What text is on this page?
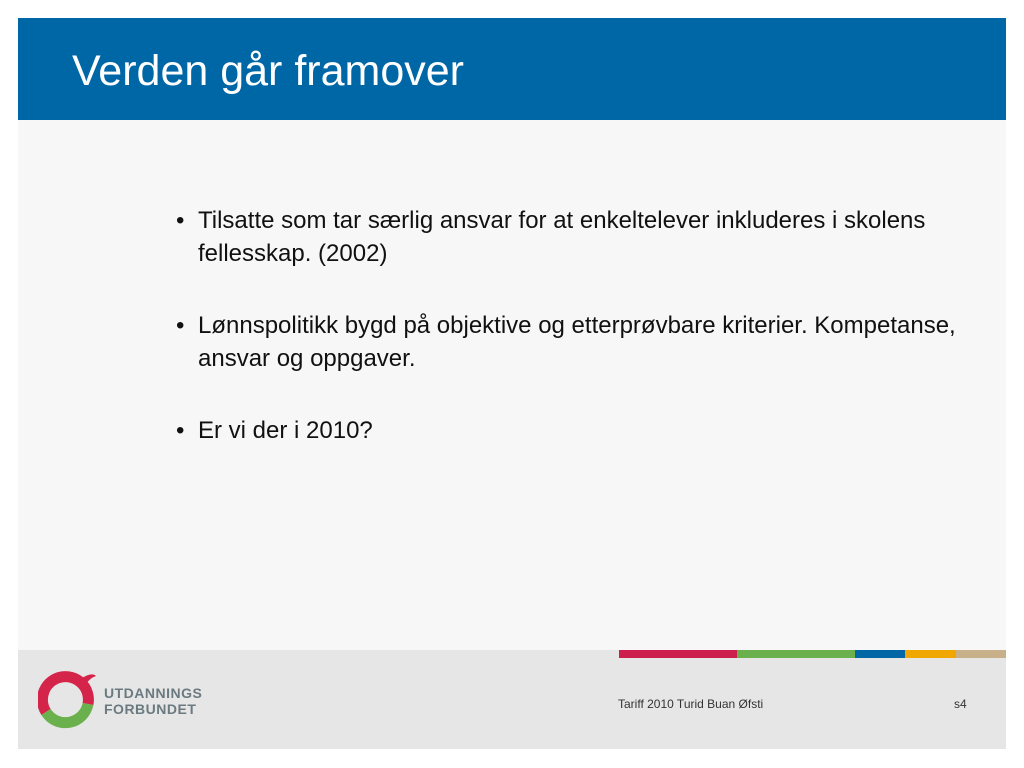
Verden går framover
• Tilsatte som tar særlig ansvar for at enkeltelever inkluderes i skolens fellesskap. (2002)
• Lønnspolitikk bygd på objektive og etterprøvbare kriterier. Kompetanse, ansvar og oppgaver.
• Er vi der i 2010?
UTDANNINGS
FORBUNDET	Tariff 2010 Turid Buan Øfsti	s4
